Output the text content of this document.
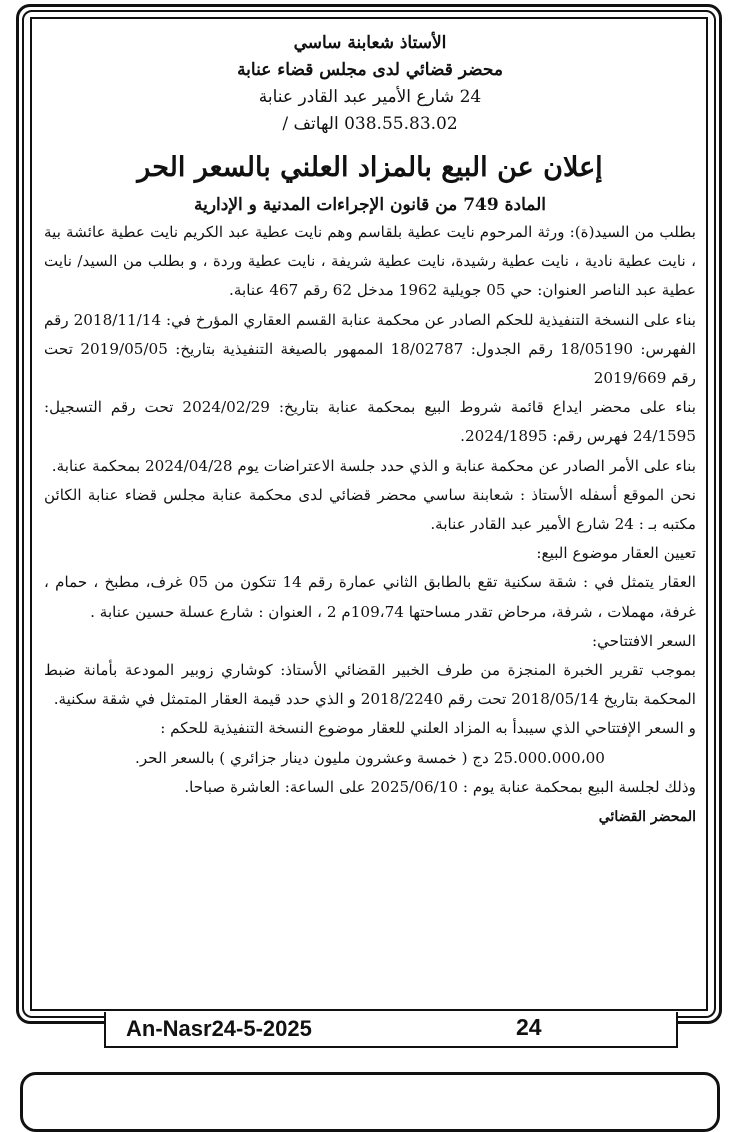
الأستاذ شعابنة ساسي

محضر قضائي لدى مجلس قضاء عنابة

24 شارع الأمير عبد القادر عنابة

038.55.83.02 الهاتف /

إعلان عن البيع بالمزاد العلني بالسعر الحر

المادة 749 من قانون الإجراءات المدنية و الإدارية

بطلب من السيد(ة): ورثة المرحوم نايت عطية بلقاسم وهم نايت عطية عبد الكريم نايت عطية عائشة بية ، نايت عطية نادية ، نايت عطية رشيدة، نايت عطية شريفة ، نايت عطية وردة ، و بطلب من السيد/ نايت عطية عبد الناصر العنوان: حي 05 جويلية 1962 مدخل 62 رقم 467 عنابة.

بناء على النسخة التنفيذية للحكم الصادر عن محكمة عنابة القسم العقاري المؤرخ في: 2018/11/14 رقم الفهرس: 18/05190 رقم الجدول: 18/02787 الممهور بالصيغة التنفيذية بتاريخ: 2019/05/05 تحت رقم 2019/669

بناء على محضر ايداع قائمة شروط البيع بمحكمة عنابة بتاريخ: 2024/02/29 تحت رقم التسجيل: 24/1595 فهرس رقم: 2024/1895.

بناء على الأمر الصادر عن محكمة عنابة و الذي حدد جلسة الاعتراضات يوم 2024/04/28 بمحكمة عنابة.

نحن الموقع أسفله الأستاذ : شعابنة ساسي محضر قضائي لدى محكمة عنابة مجلس قضاء عنابة الكائن مكتبه بـ : 24 شارع الأمير عبد القادر عنابة.

تعيين العقار موضوع البيع:

العقار يتمثل في : شقة سكنية تقع بالطابق الثاني عمارة رقم 14 تتكون من 05 غرف، مطبخ ، حمام ، غرفة، مهملات ، شرفة، مرحاض تقدر مساحتها 109،74م 2 ، العنوان : شارع عسلة حسين عنابة .

السعر الافتتاحي:

بموجب تقرير الخبرة المنجزة من طرف الخبير القضائي الأستاذ: كوشاري زوبير المودعة بأمانة ضبط المحكمة بتاريخ 2018/05/14 تحت رقم 2018/2240 و الذي حدد قيمة العقار المتمثل في شقة سكنية.

و السعر الإفتتاحي الذي سيبدأ به المزاد العلني للعقار موضوع النسخة التنفيذية للحكم :

25.000.000،00 دج ( خمسة وعشرون مليون دينار جزائري ) بالسعر الحر.

وذلك لجلسة البيع بمحكمة عنابة يوم : 2025/06/10 على الساعة: العاشرة صباحا.

المحضر القضائي

An-Nasr24-5-2025	24
